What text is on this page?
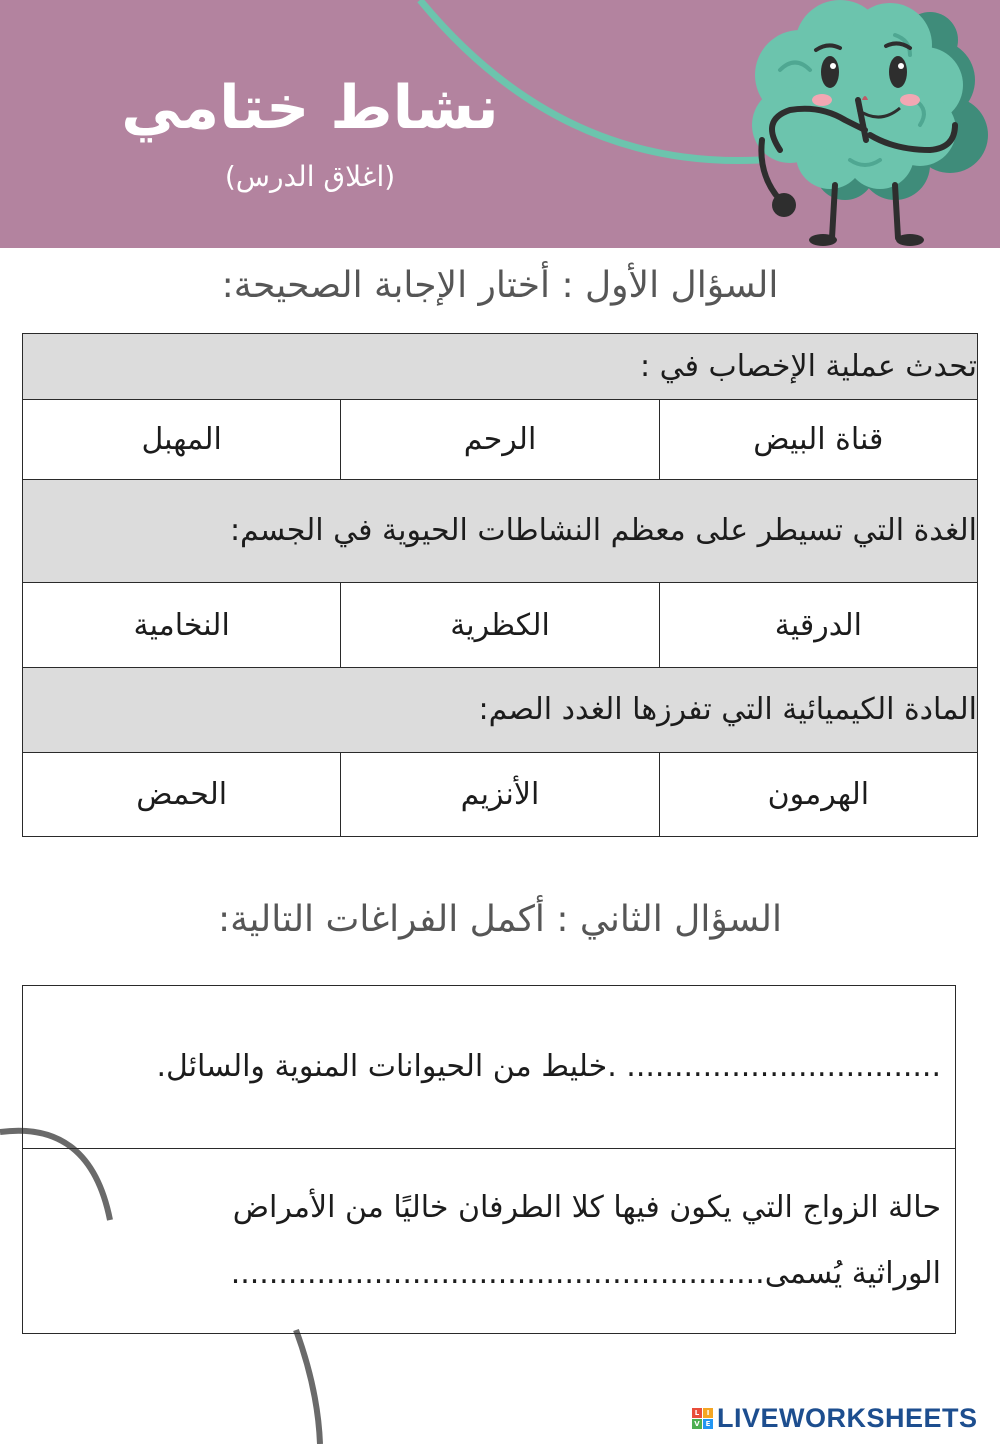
نشاط ختامي
(اغلاق الدرس)
السؤال الأول : أختار الإجابة الصحيحة:
تحدث عملية الإخصاب في :		
قناة البيض	الرحم	المهبل
الغدة التي تسيطر على معظم النشاطات الحيوية في الجسم:		
الدرقية	الكظرية	النخامية
المادة الكيميائية التي تفرزها الغدد الصم:		
الهرمون	الأنزيم	الحمض
السؤال الثاني : أكمل الفراغات التالية:
................................. .خليط من الحيوانات المنوية والسائل.

حالة الزواج التي يكون فيها كلا الطرفان خاليًا من الأمراض
الوراثية يُسمى........................................................
L	I
V E LIVEWORKSHEETS
